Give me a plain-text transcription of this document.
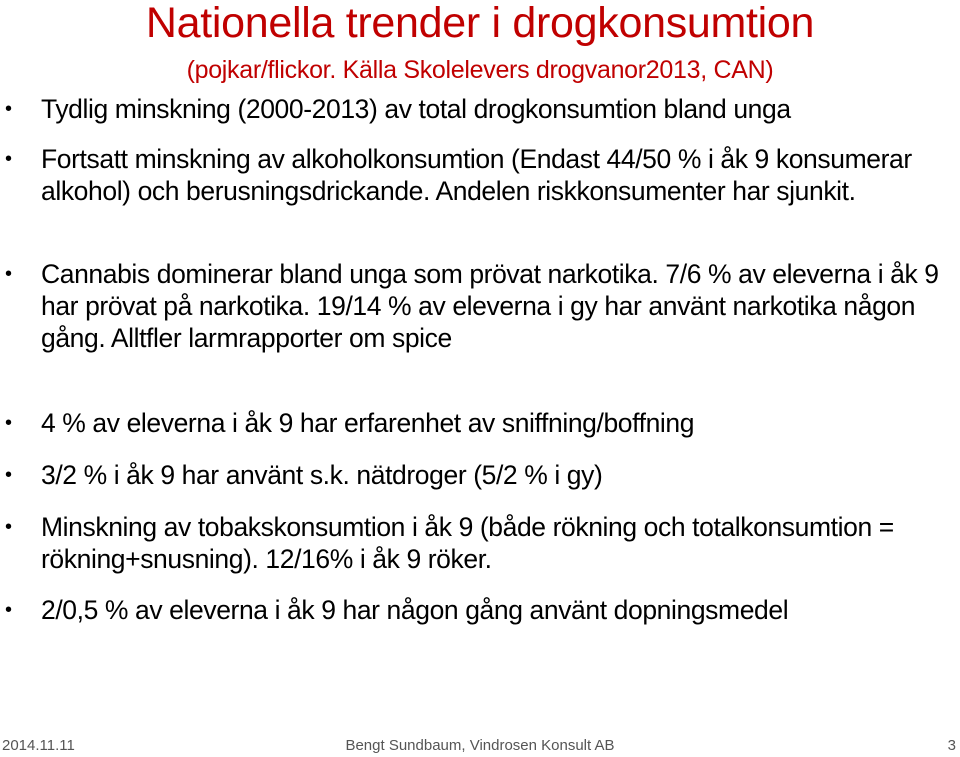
Nationella trender i drogkonsumtion
(pojkar/flickor. Källa Skolelevers drogvanor2013, CAN)
• Tydlig minskning (2000-2013) av total drogkonsumtion bland unga
• Fortsatt minskning av alkoholkonsumtion (Endast 44/50 % i åk 9 konsumerar alkohol) och berusningsdrickande. Andelen riskkonsumenter har sjunkit.
• Cannabis dominerar bland unga som prövat narkotika. 7/6 % av eleverna i åk 9 har prövat på narkotika. 19/14 % av eleverna i gy har använt narkotika någon gång. Alltfler larmrapporter om spice
• 4 % av eleverna i åk 9 har erfarenhet av sniffning/boffning
• 3/2 % i åk 9 har använt s.k. nätdroger (5/2 % i gy)
• Minskning av tobakskonsumtion i åk 9 (både rökning och totalkonsumtion = rökning+snusning). 12/16% i åk 9 röker.
• 2/0,5 % av eleverna i åk 9 har någon gång använt dopningsmedel
2014.11.11	Bengt Sundbaum, Vindrosen Konsult AB	3
